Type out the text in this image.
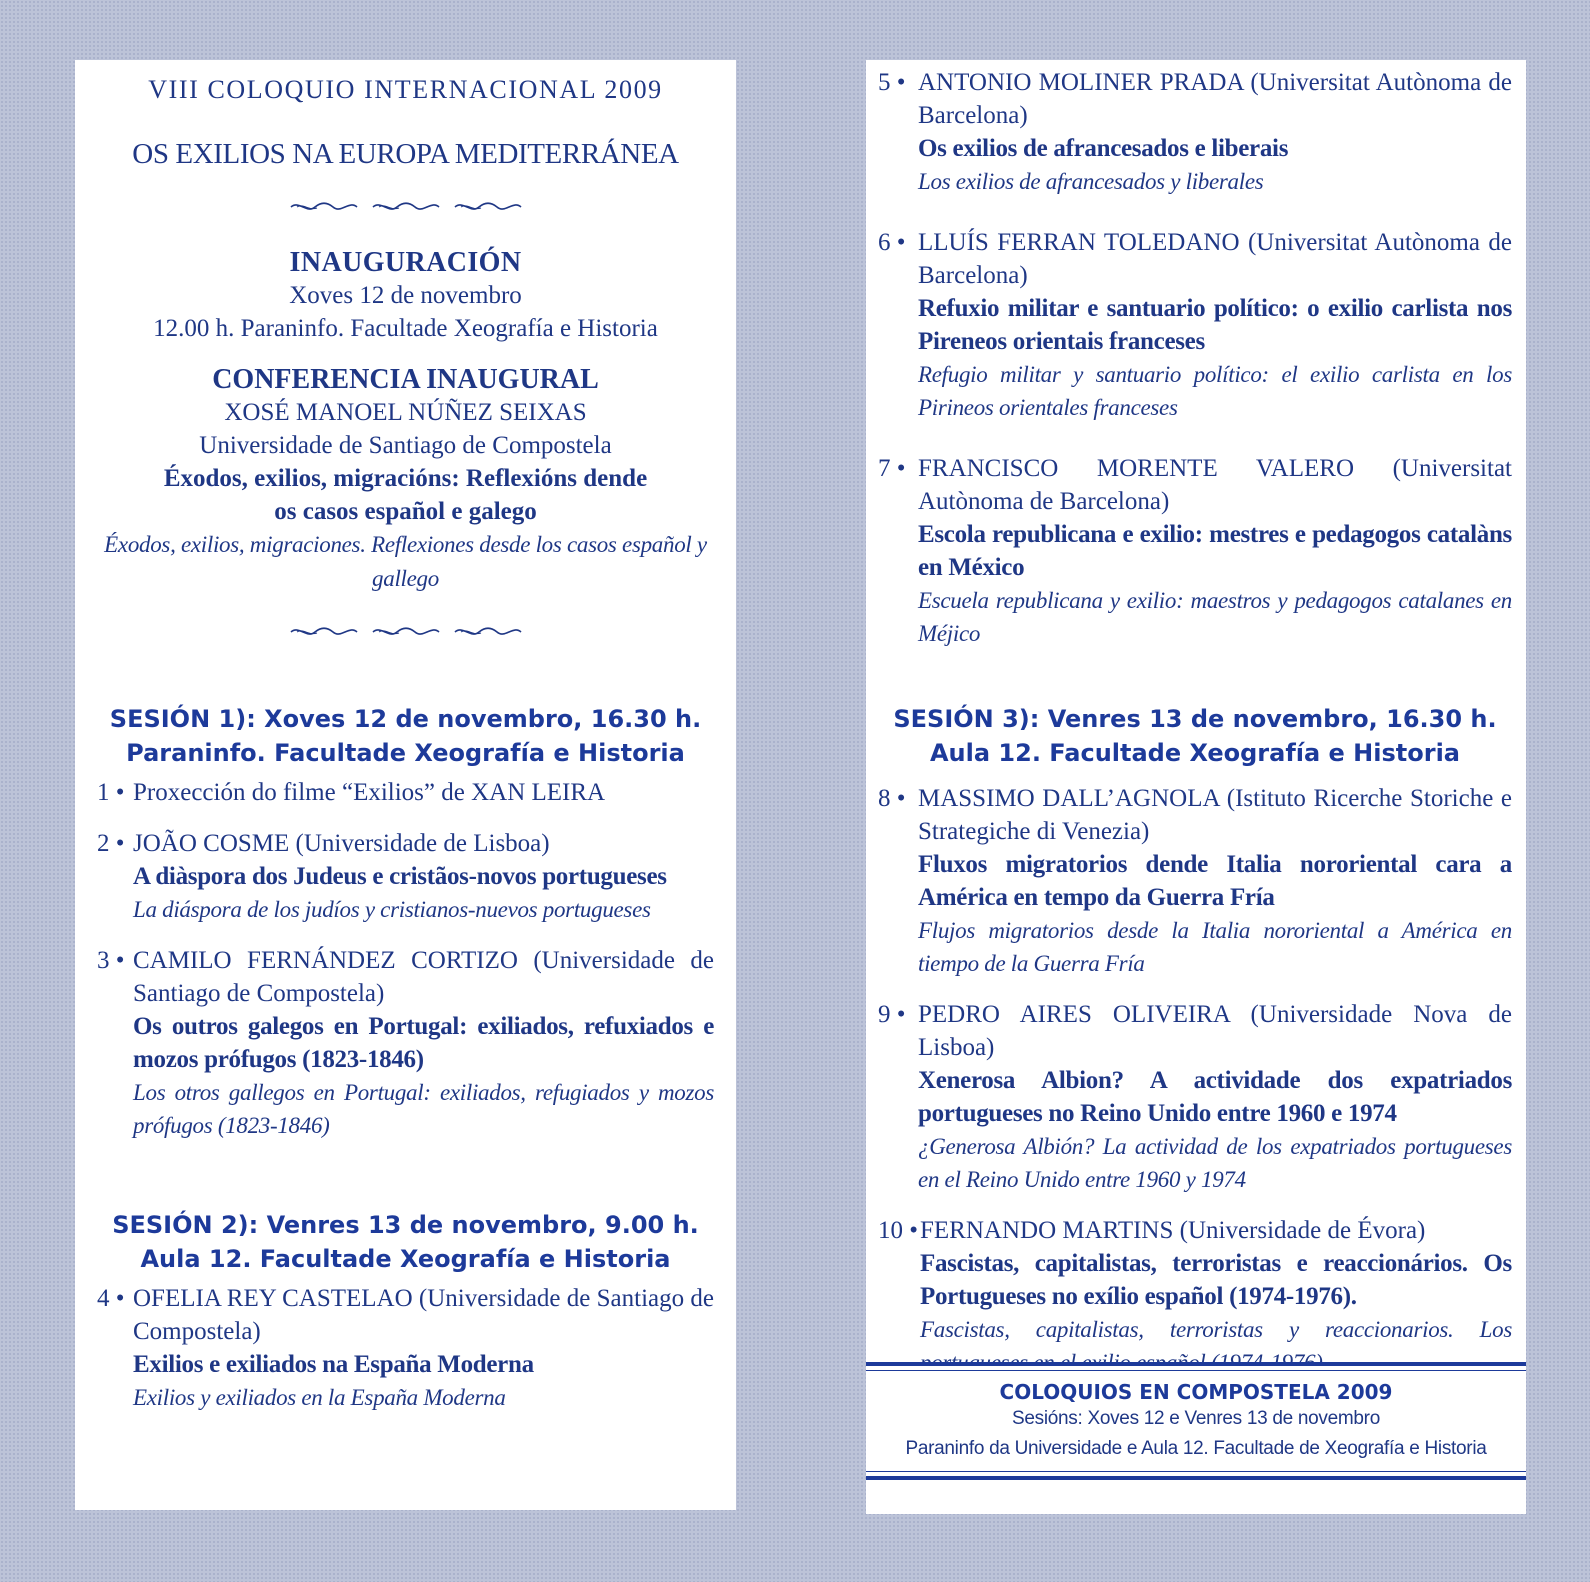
VIII COLOQUIO INTERNACIONAL 2009
OS EXILIOS NA EUROPA MEDITERRÁNEA
INAUGURACIÓN
Xoves 12 de novembro
12.00 h. Paraninfo. Facultade Xeografía e Historia
CONFERENCIA INAUGURAL
XOSÉ MANOEL NÚÑEZ SEIXAS
Universidade de Santiago de Compostela
Éxodos, exilios, migracións: Reflexións dende
os casos español e galego
Éxodos, exilios, migraciones. Reflexiones desde los casos español y gallego
SESIÓN 1): Xoves 12 de novembro, 16.30 h.
Paraninfo. Facultade Xeografía e Historia
1 • Proxección do filme “Exilios” de XAN LEIRA
2 • JOÃO COSME (Universidade de Lisboa)
A diàspora dos Judeus e cristãos-novos portugueses
La diáspora de los judíos y cristianos-nuevos portugueses
3 • CAMILO FERNÁNDEZ CORTIZO (Universidade de Santiago de Compostela)
Os outros galegos en Portugal: exiliados, refuxiados e mozos prófugos (1823-1846)
Los otros gallegos en Portugal: exiliados, refugiados y mozos prófugos (1823-1846)
SESIÓN 2): Venres 13 de novembro, 9.00 h.
Aula 12. Facultade Xeografía e Historia
4 • OFELIA REY CASTELAO (Universidade de Santiago de Compostela)
Exilios e exiliados na España Moderna
Exilios y exiliados en la España Moderna
5 • ANTONIO MOLINER PRADA (Universitat Autònoma de Barcelona)
Os exilios de afrancesados e liberais
Los exilios de afrancesados y liberales
6 • LLUÍS FERRAN TOLEDANO (Universitat Autònoma de Barcelona)
Refuxio militar e santuario político: o exilio carlista nos Pireneos orientais franceses
Refugio militar y santuario político: el exilio carlista en los Pirineos orientales franceses
7 • FRANCISCO MORENTE VALERO (Universitat Autònoma de Barcelona)
Escola republicana e exilio: mestres e pedagogos catalàns en México
Escuela republicana y exilio: maestros y pedagogos catalanes en Méjico
SESIÓN 3): Venres 13 de novembro, 16.30 h.
Aula 12. Facultade Xeografía e Historia
8 • MASSIMO DALL’AGNOLA (Istituto Ricerche Storiche e Strategiche di Venezia)
Fluxos migratorios dende Italia nororiental cara a América en tempo da Guerra Fría
Flujos migratorios desde la Italia nororiental a América en tiempo de la Guerra Fría
9 • PEDRO AIRES OLIVEIRA (Universidade Nova de Lisboa)
Xenerosa Albion? A actividade dos expatriados portugueses no Reino Unido entre 1960 e 1974
¿Generosa Albión? La actividad de los expatriados portugueses en el Reino Unido entre 1960 y 1974
10 • FERNANDO MARTINS (Universidade de Évora)
Fascistas, capitalistas, terroristas e reaccionários. Os Portugueses no exílio español (1974-1976).
Fascistas, capitalistas, terroristas y reaccionarios. Los
COLOQUIOS EN COMPOSTELA 2009
Sesións: Xoves 12 e Venres 13 de novembro
Paraninfo da Universidade e Aula 12. Facultade de Xeografía e Historia
